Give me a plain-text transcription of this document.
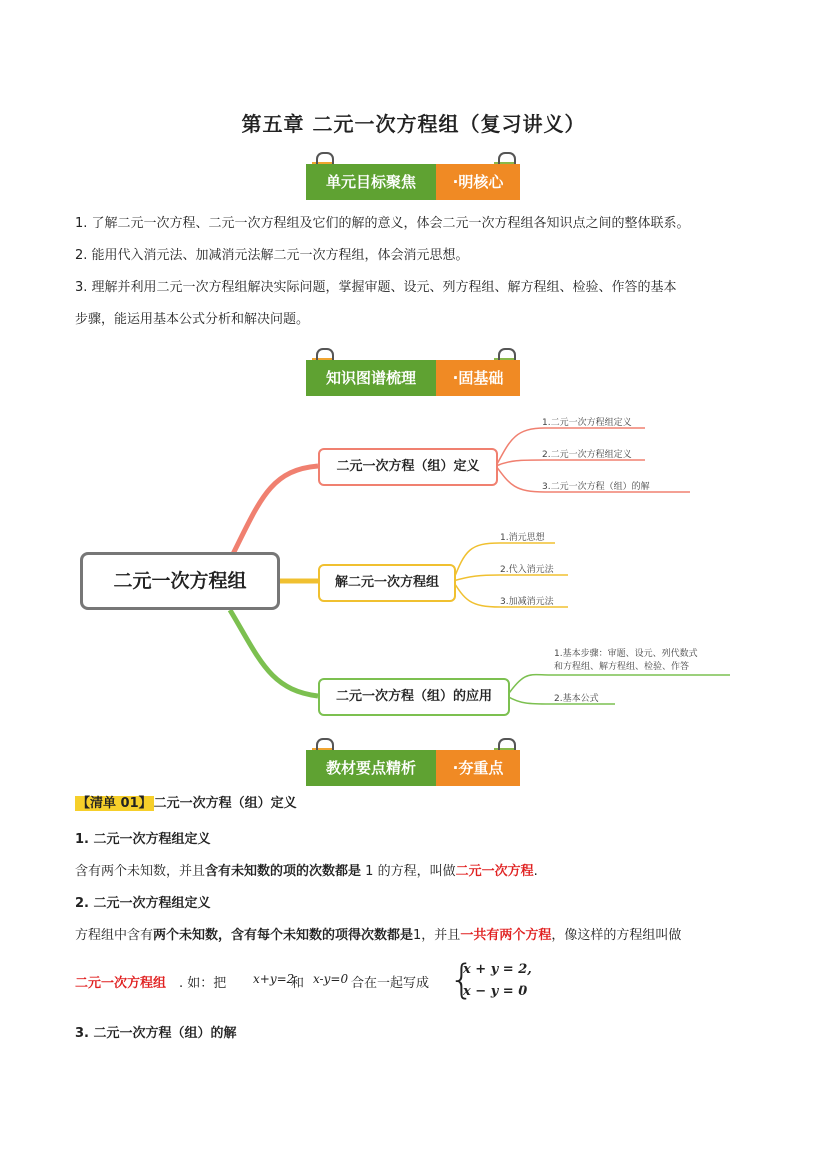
第五章 二元一次方程组（复习讲义）
单元目标聚焦	·明核心
1. 了解二元一次方程、二元一次方程组及它们的解的意义，体会二元一次方程组各知识点之间的整体联系。
2. 能用代入消元法、加减消元法解二元一次方程组，体会消元思想。
3. 理解并利用二元一次方程组解决实际问题，掌握审题、设元、列方程组、解方程组、检验、作答的基本
步骤，能运用基本公式分析和解决问题。
知识图谱梳理	·固基础
二元一次方程组
二元一次方程（组）定义
解二元一次方程组
二元一次方程（组）的应用
1.二元一次方程组定义
2.二元一次方程组定义
3.二元一次方程（组）的解
1.消元思想
2.代入消元法
3.加减消元法
1.基本步骤：审题、设元、列代数式
和方程组、解方程组、检验、作答
2.基本公式
教材要点精析	·夯重点
【清单 01】 二元一次方程（组）定义
1. 二元一次方程组定义
含有两个未知数，并且含有未知数的项的次数都是 1 的方程，叫做二元一次方程.
2. 二元一次方程组定义
方程组中含有两个未知数，含有每个未知数的项得次数都是1，并且一共有两个方程，像这样的方程组叫做
二元一次方程组 . 如：把 x+y=2
和 x-y=0 合在一起写成 {
x + y = 2,
x − y = 0
，
3. 二元一次方程（组）的解
